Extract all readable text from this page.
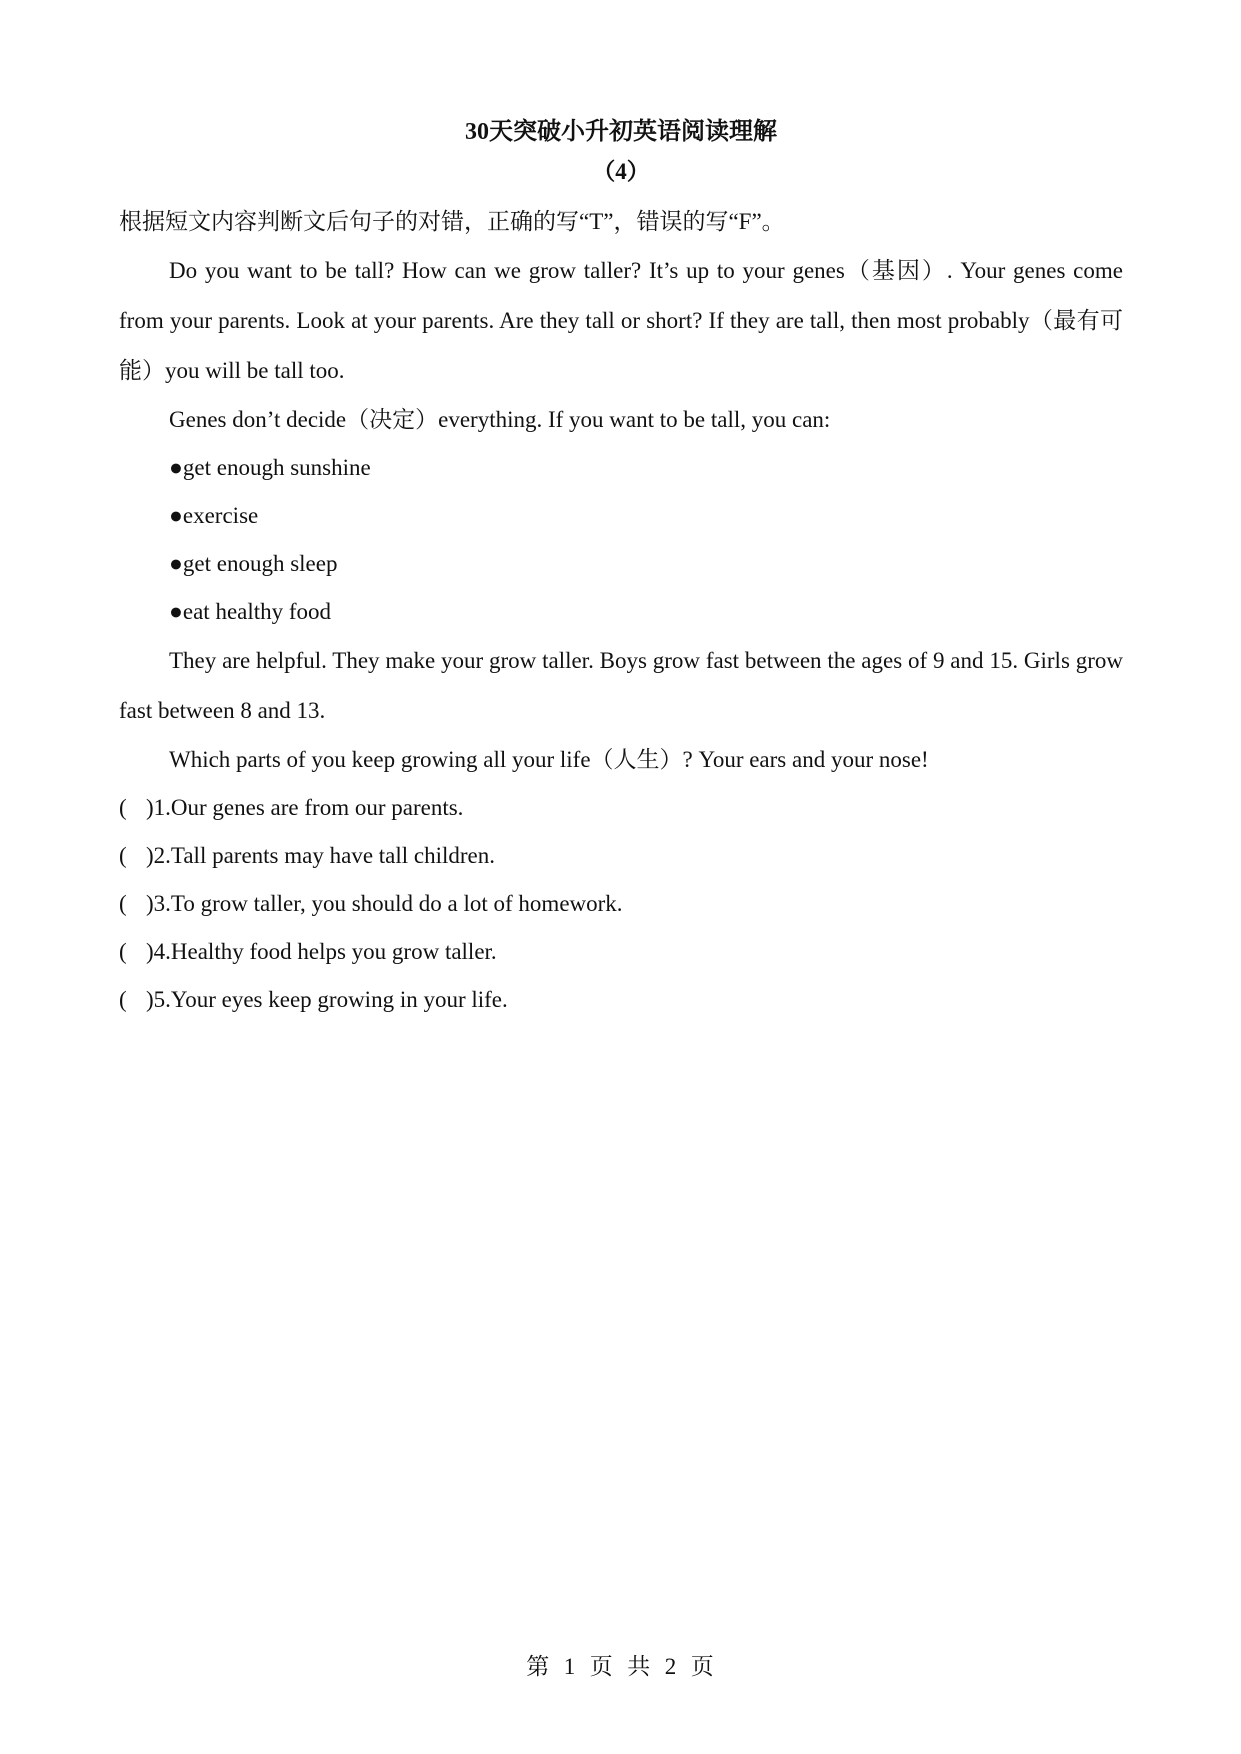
30天突破小升初英语阅读理解

（4）

根据短文内容判断文后句子的对错，正确的写“T”，错误的写“F”。

Do you want to be tall? How can we grow taller? It’s up to your genes（基因）. Your genes come from your parents. Look at your parents. Are they tall or short? If they are tall, then most probably（最有可能）you will be tall too.

Genes don’t decide（决定）everything. If you want to be tall, you can:

●get enough sunshine

●exercise

●get enough sleep

●eat healthy food

They are helpful. They make your grow taller. Boys grow fast between the ages of 9 and 15. Girls grow fast between 8 and 13.

Which parts of you keep growing all your life（人生）? Your ears and your nose!

( )1.Our genes are from our parents.

( )2.Tall parents may have tall children.

( )3.To grow taller, you should do a lot of homework.

( )4.Healthy food helps you grow taller.

( )5.Your eyes keep growing in your life.

第  1  页  共  2  页
